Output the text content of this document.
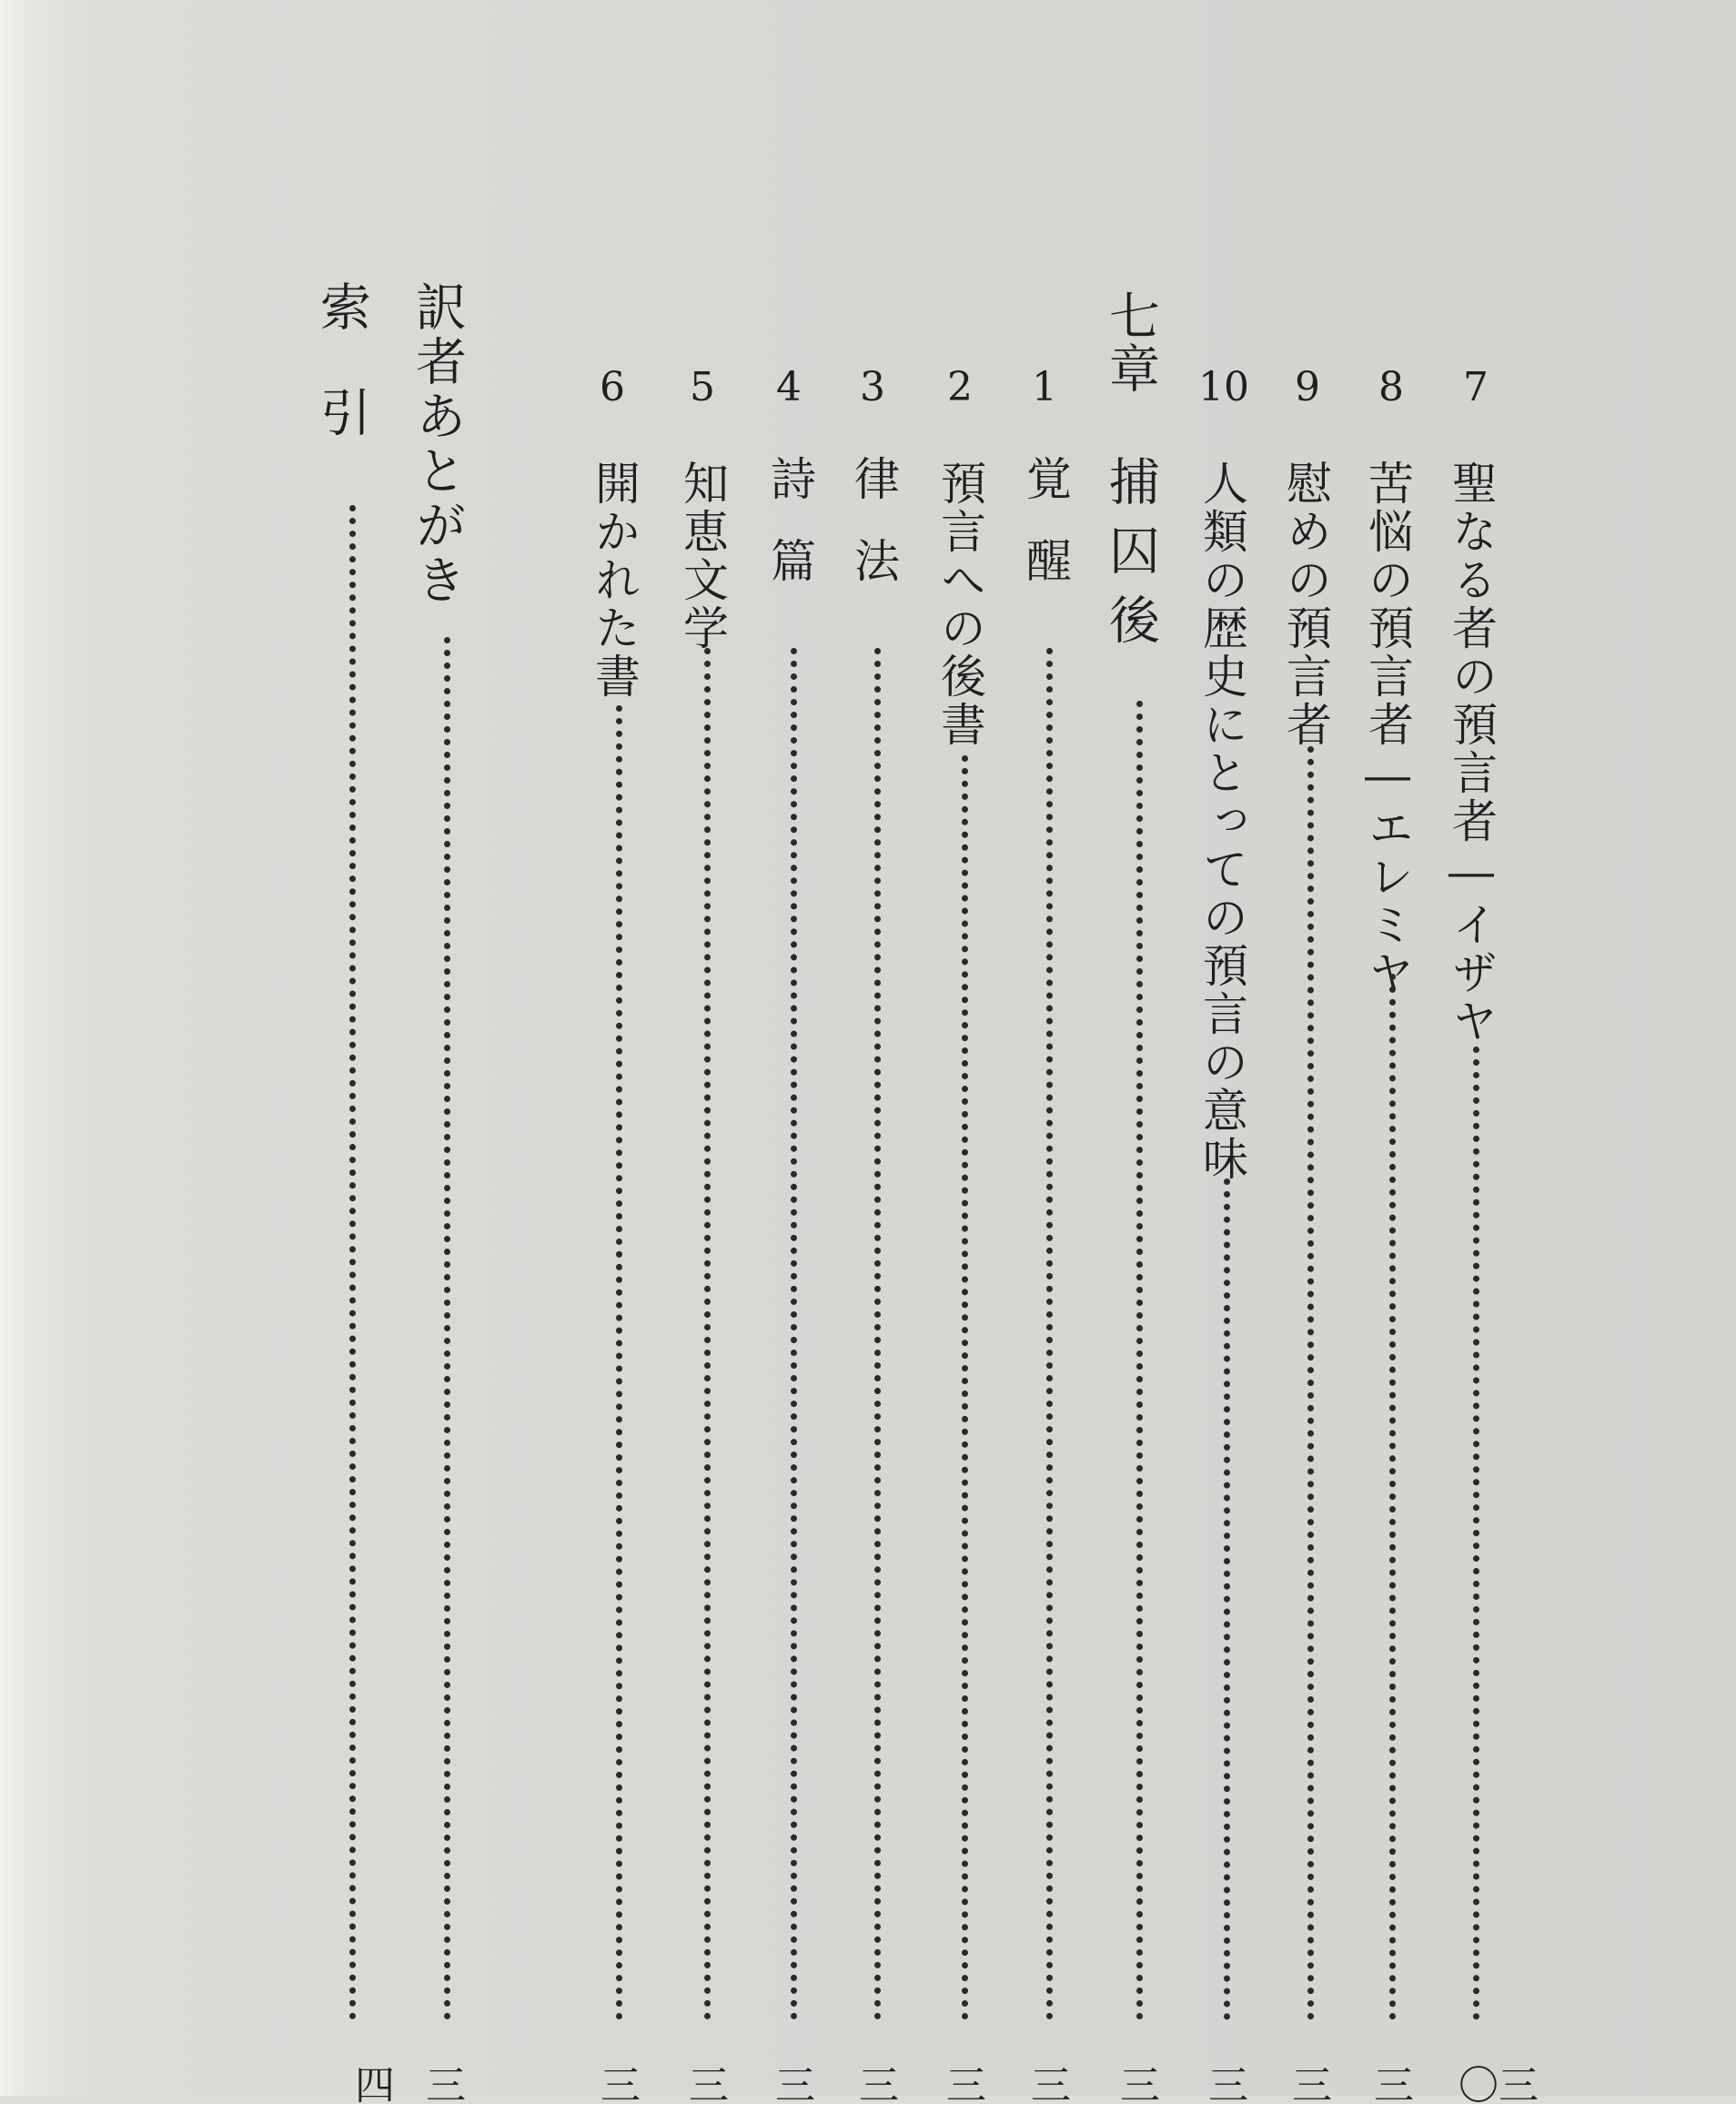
7
聖なる者の預言者―イザヤ
三〇
8
苦悩の預言者―エレミヤ
三
9
慰めの預言者
三
10
人類の歴史にとっての預言の意味
三
七章
捕囚後
三
1
覚醒
三
2
預言への後書
三
3
律法
三
4
詩篇
三
5
知恵文学
三
6
開かれた書
三
訳者あとがき
三
索引
四
